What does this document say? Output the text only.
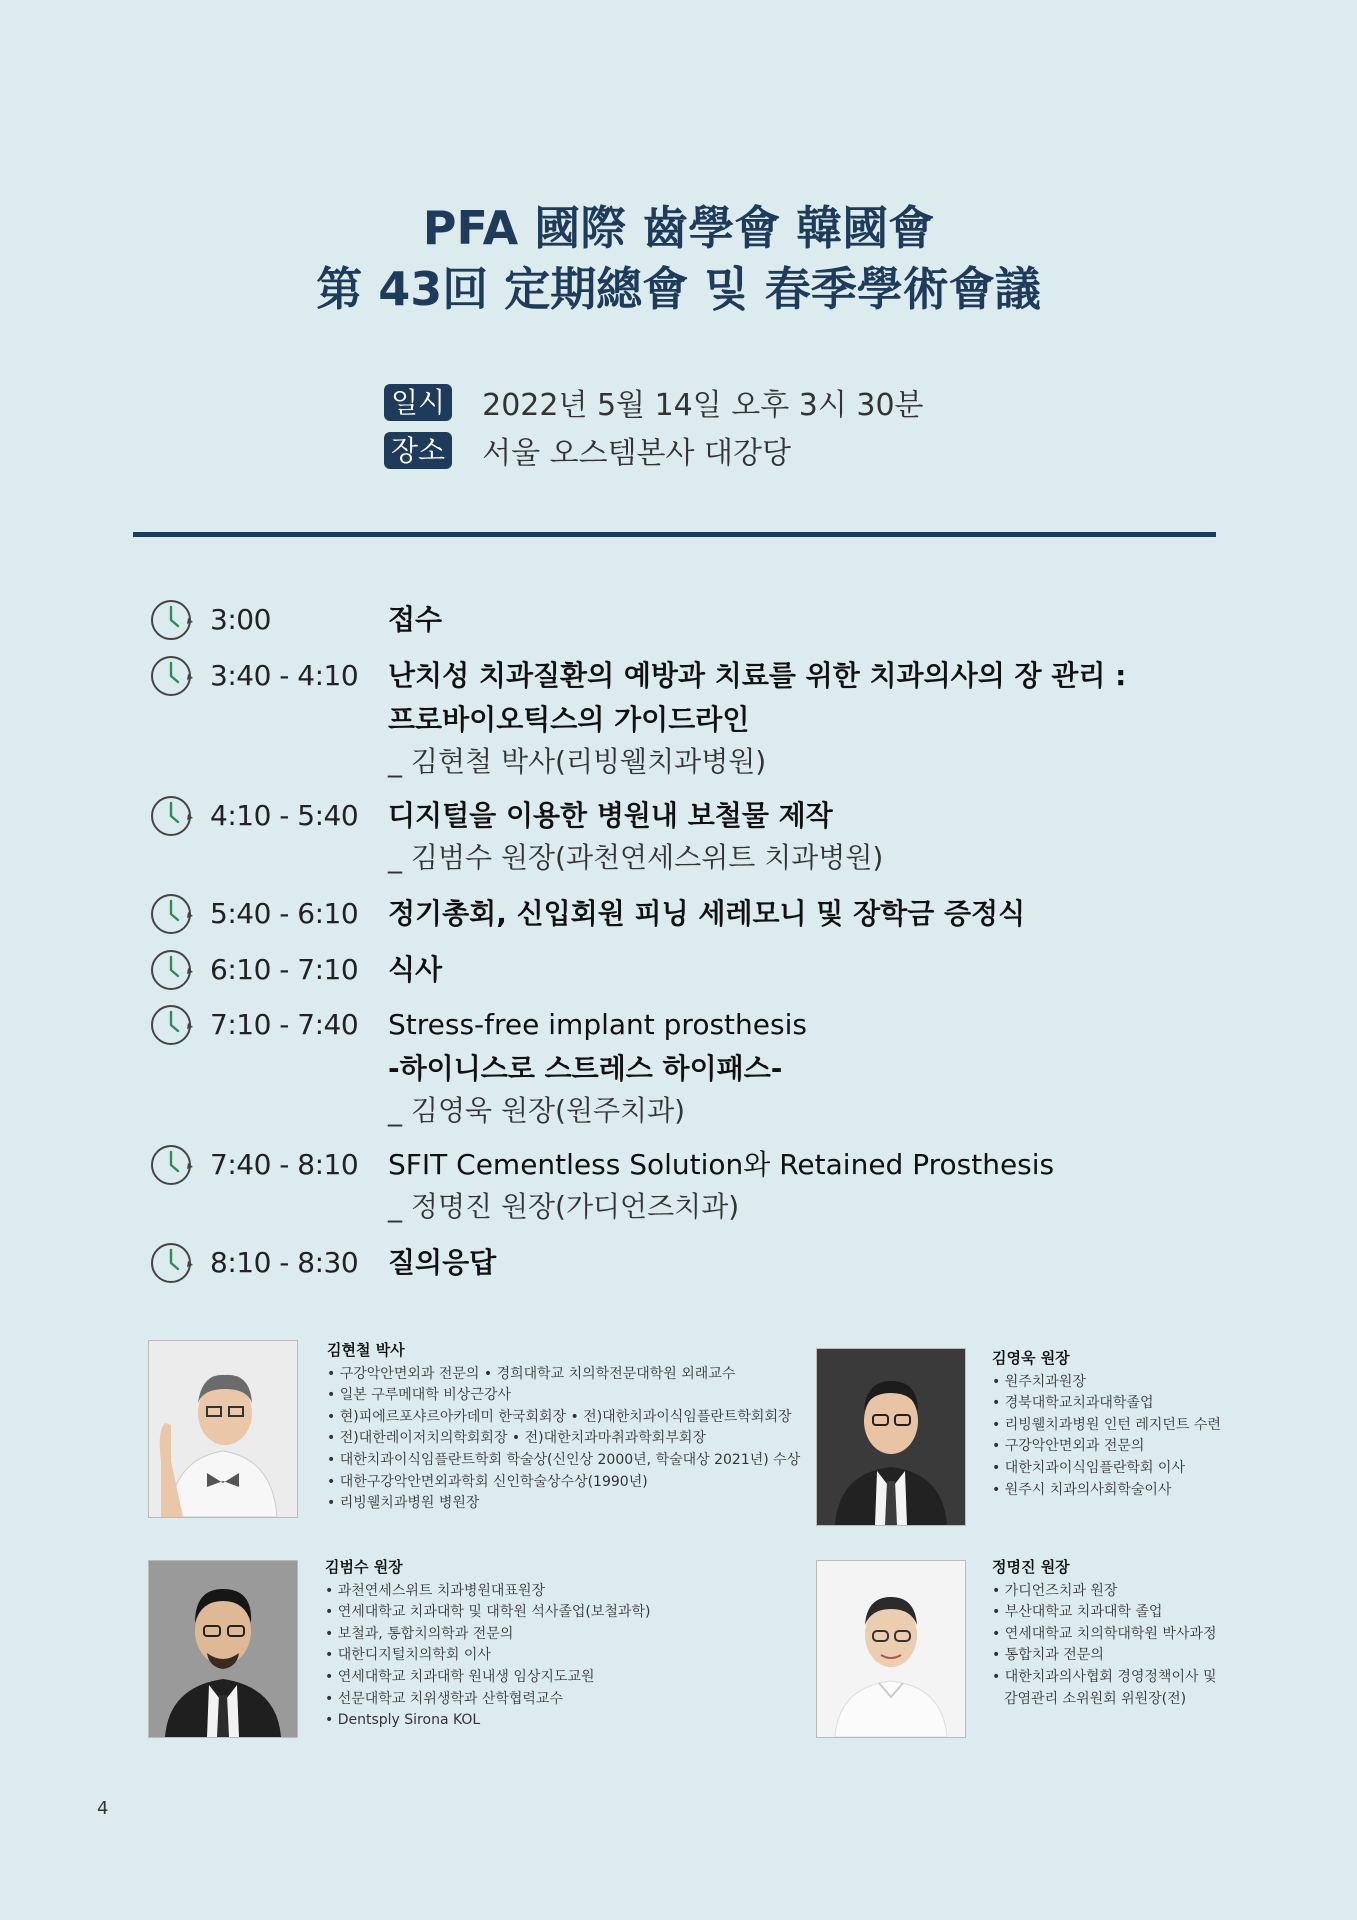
PFA 國際 齒學會 韓國會
第 43回 定期總會 및 春季學術會議
일시 2022년 5월 14일 오후 3시 30분
장소 서울 오스템본사 대강당
3:00	접수
3:40 - 4:10	난치성 치과질환의 예방과 치료를 위한 치과의사의 장 관리 :
프로바이오틱스의 가이드라인
_ 김현철 박사(리빙웰치과병원)
4:10 - 5:40	디지털을 이용한 병원내 보철물 제작
_ 김범수 원장(과천연세스위트 치과병원)
5:40 - 6:10	정기총회, 신입회원 피닝 세레모니 및 장학금 증정식
6:10 - 7:10	식사
7:10 - 7:40	Stress-free implant prosthesis
-하이니스로 스트레스 하이패스-
_ 김영욱 원장(원주치과)
7:40 - 8:10	SFIT Cementless Solution와 Retained Prosthesis
_ 정명진 원장(가디언즈치과)
8:10 - 8:30	질의응답
김현철 박사
• 구강악안면외과 전문의 • 경희대학교 치의학전문대학원 외래교수
• 일본 구루메대학 비상근강사
• 현)피에르포샤르아카데미 한국회회장 • 전)대한치과이식임플란트학회회장
• 전)대한레이저치의학회회장 • 전)대한치과마취과학회부회장
• 대한치과이식임플란트학회 학술상(신인상 2000년, 학술대상 2021년) 수상
• 대한구강악안면외과학회 신인학술상수상(1990년)
• 리빙웰치과병원 병원장
김영욱 원장
• 원주치과원장
• 경북대학교치과대학졸업
• 리빙웰치과병원 인턴 레지던트 수련
• 구강악안면외과 전문의
• 대한치과이식임플란학회 이사
• 원주시 치과의사회학술이사
김범수 원장
• 과천연세스위트 치과병원대표원장
• 연세대학교 치과대학 및 대학원 석사졸업(보철과학)
• 보철과, 통합치의학과 전문의
• 대한디지털치의학회 이사
• 연세대학교 치과대학 원내생 임상지도교원
• 선문대학교 치위생학과 산학협력교수
• Dentsply Sirona KOL
정명진 원장
• 가디언즈치과 원장
• 부산대학교 치과대학 졸업
• 연세대학교 치의학대학원 박사과정
• 통합치과 전문의
• 대한치과의사협회 경영정책이사 및
감염관리 소위원회 위원장(전)
4
